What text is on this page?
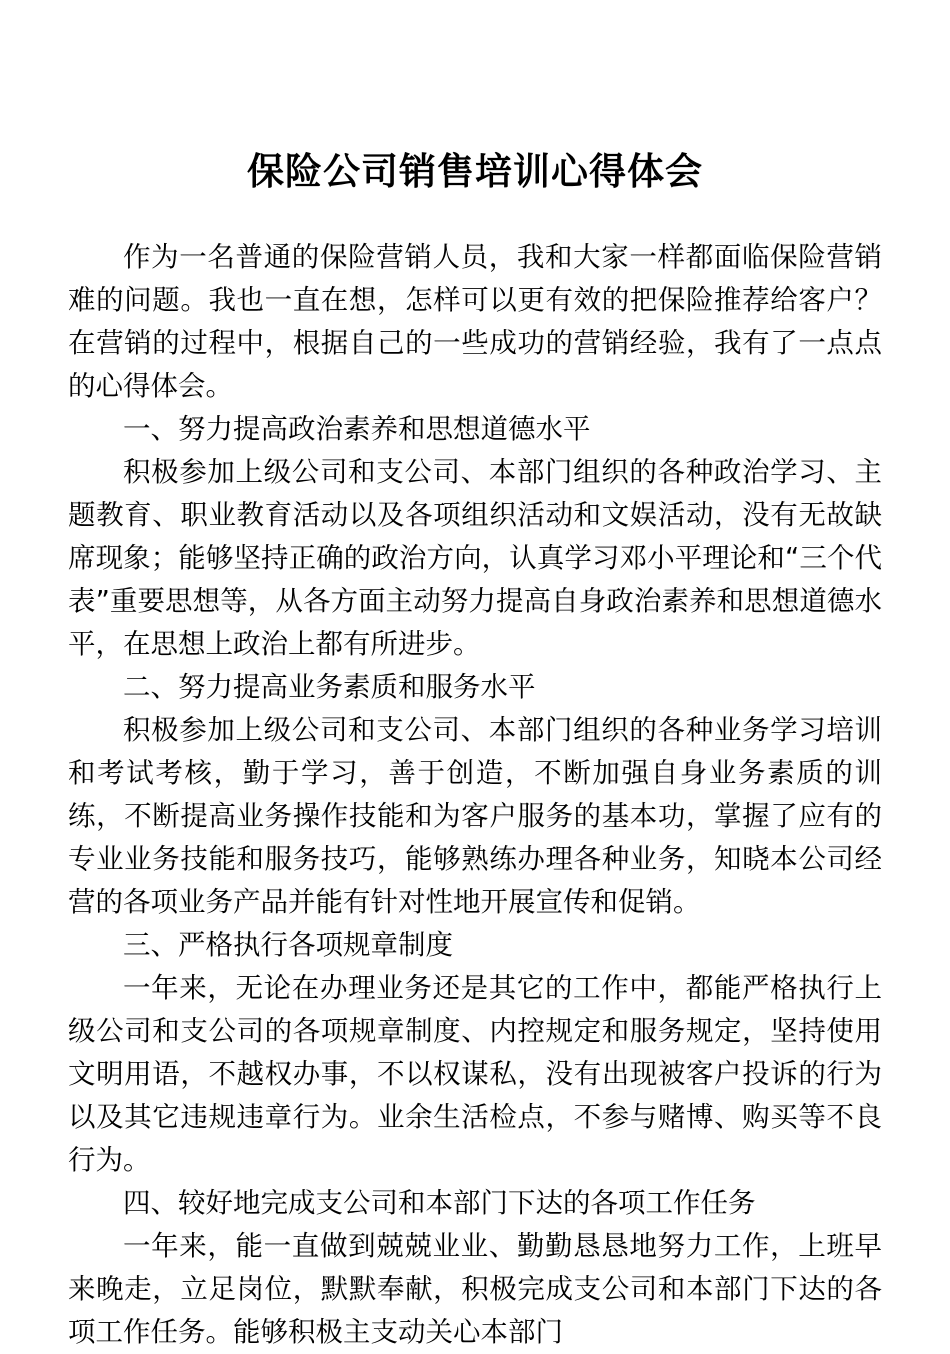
保险公司销售培训心得体会

作为一名普通的保险营销人员，我和大家一样都面临保险营销难的问题。我也一直在想，怎样可以更有效的把保险推荐给客户？在营销的过程中，根据自己的一些成功的营销经验，我有了一点点的心得体会。

一、努力提高政治素养和思想道德水平

积极参加上级公司和支公司、本部门组织的各种政治学习、主题教育、职业教育活动以及各项组织活动和文娱活动，没有无故缺席现象；能够坚持正确的政治方向，认真学习邓小平理论和“三个代表”重要思想等，从各方面主动努力提高自身政治素养和思想道德水平，在思想上政治上都有所进步。

二、努力提高业务素质和服务水平

积极参加上级公司和支公司、本部门组织的各种业务学习培训和考试考核，勤于学习，善于创造，不断加强自身业务素质的训练，不断提高业务操作技能和为客户服务的基本功，掌握了应有的专业业务技能和服务技巧，能够熟练办理各种业务，知晓本公司经营的各项业务产品并能有针对性地开展宣传和促销。

三、严格执行各项规章制度

一年来，无论在办理业务还是其它的工作中，都能严格执行上级公司和支公司的各项规章制度、内控规定和服务规定，坚持使用文明用语，不越权办事，不以权谋私，没有出现被客户投诉的行为以及其它违规违章行为。业余生活检点，不参与赌博、购买等不良行为。

四、较好地完成支公司和本部门下达的各项工作任务

一年来，能一直做到兢兢业业、勤勤恳恳地努力工作，上班早来晚走，立足岗位，默默奉献，积极完成支公司和本部门下达的各项工作任务。能够积极主支动关心本部门
